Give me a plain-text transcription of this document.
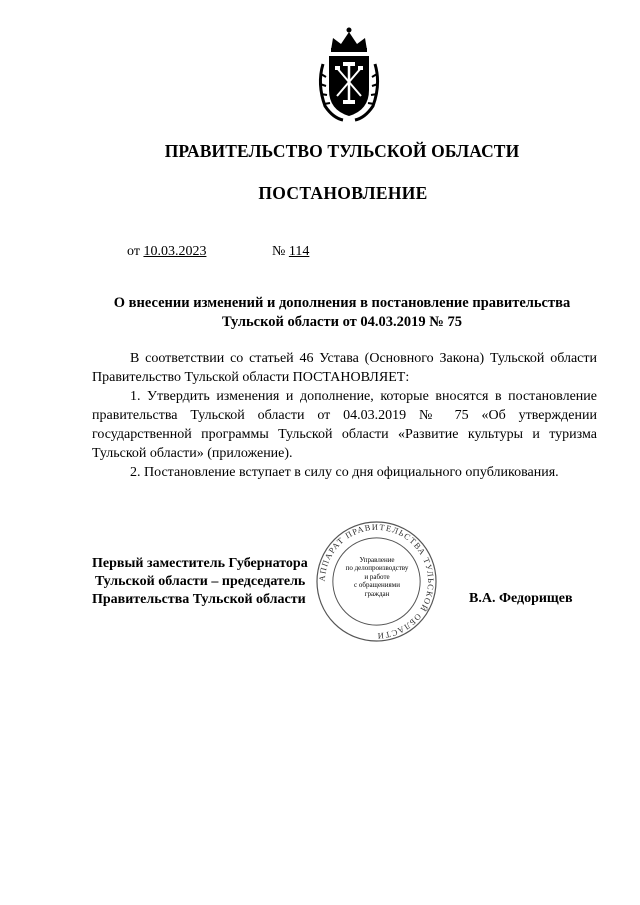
ПРАВИТЕЛЬСТВО ТУЛЬСКОЙ ОБЛАСТИ
ПОСТАНОВЛЕНИЕ
от 10.03.2023	№ 114
О внесении изменений и дополнения в постановление правительства
Тульской области от 04.03.2019 № 75

В соответствии со статьей 46 Устава (Основного Закона) Тульской области Правительство Тульской области ПОСТАНОВЛЯЕТ:

1. Утвердить изменения и дополнение, которые вносятся в постановление правительства Тульской области от 04.03.2019 № 75 «Об утверждении государственной программы Тульской области «Развитие культуры и туризма Тульской области» (приложение).

2. Постановление вступает в силу со дня официального опубликования.

Первый заместитель Губернатора
Тульской области – председатель
Правительства Тульской области	В.А. Федорищев
АППАРАТ ПРАВИТЕЛЬСТВА ТУЛЬСКОЙ ОБЛАСТИ
Управление
по делопроизводству
и работе
с обращениями
граждан
